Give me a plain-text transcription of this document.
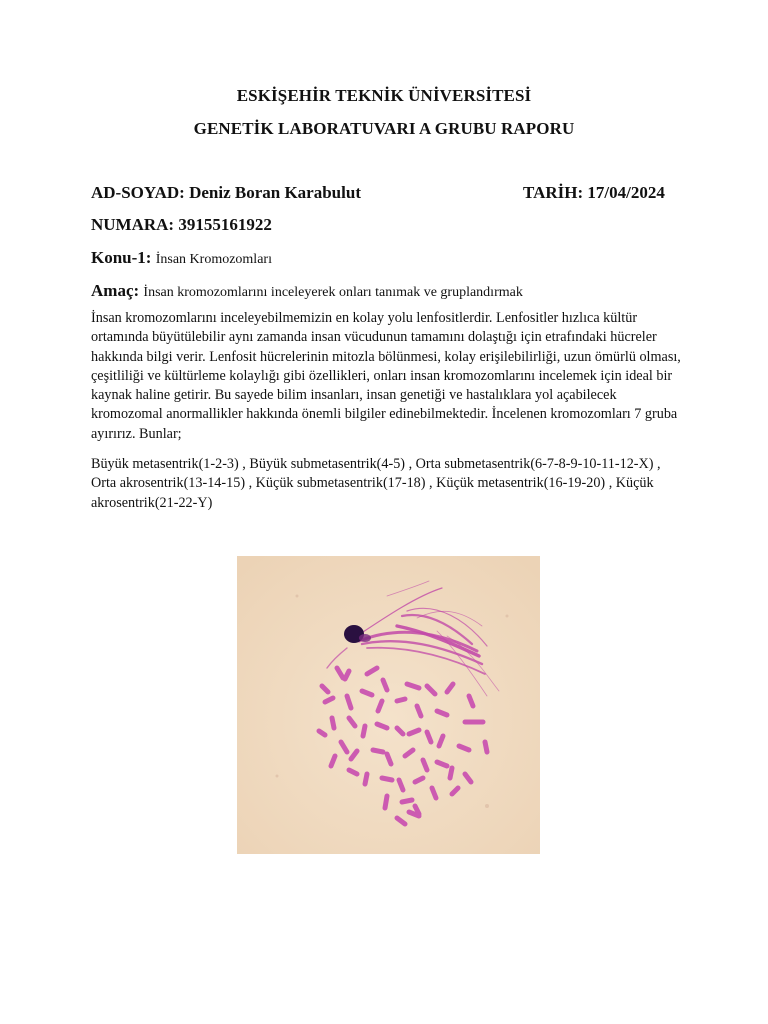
ESKİŞEHİR TEKNİK ÜNİVERSİTESİ
GENETİK LABORATUVARI A GRUBU RAPORU
AD-SOYAD: Deniz Boran Karabulut	TARİH: 17/04/2024
NUMARA: 39155161922
Konu-1: İnsan Kromozomları
Amaç: İnsan kromozomlarını inceleyerek onları tanımak ve gruplandırmak

İnsan kromozomlarını inceleyebilmemizin en kolay yolu lenfositlerdir. Lenfositler hızlıca kültür ortamında büyütülebilir aynı zamanda insan vücudunun tamamını dolaştığı için etrafındaki hücreler hakkında bilgi verir. Lenfosit hücrelerinin mitozla bölünmesi, kolay erişilebilirliği, uzun ömürlü olması, çeşitliliği ve kültürleme kolaylığı gibi özellikleri, onları insan kromozomlarını incelemek için ideal bir kaynak haline getirir. Bu sayede bilim insanları, insan genetiği ve hastalıklara yol açabilecek kromozomal anormallikler hakkında önemli bilgiler edinebilmektedir. İncelenen kromozomları 7 gruba ayırırız. Bunlar;

Büyük metasentrik(1-2-3) , Büyük submetasentrik(4-5) , Orta submetasentrik(6-7-8-9-10-11-12-X) , Orta akrosentrik(13-14-15) , Küçük submetasentrik(17-18) , Küçük metasentrik(16-19-20) , Küçük akrosentrik(21-22-Y)
